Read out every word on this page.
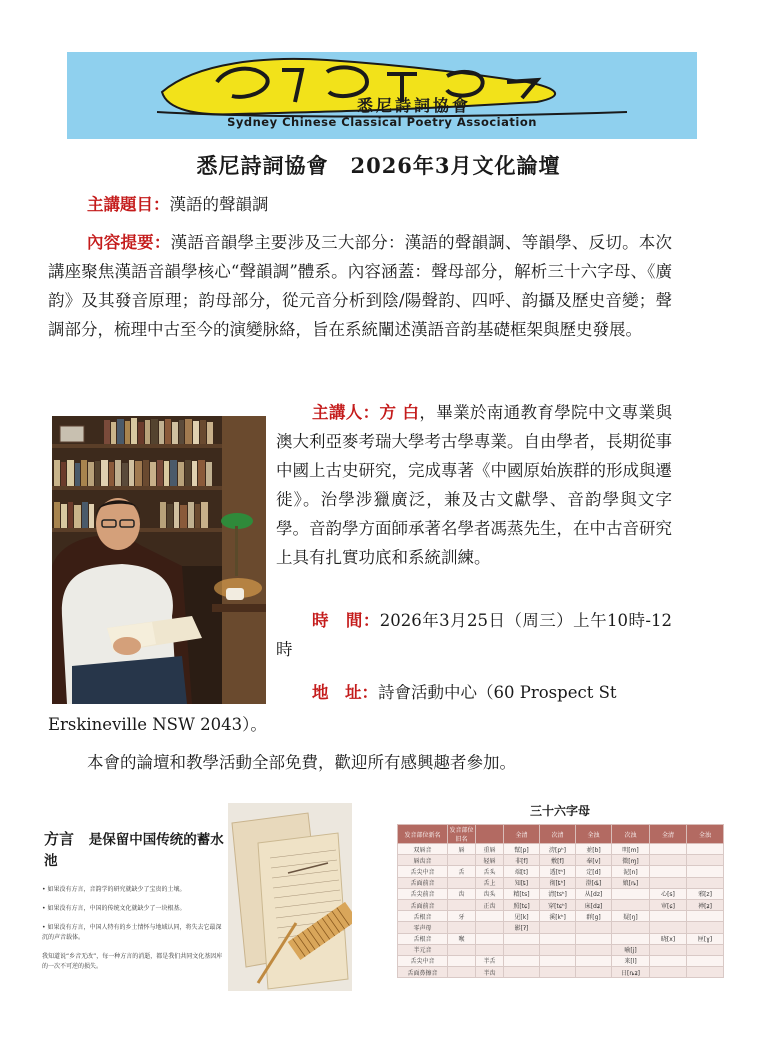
悉尼詩詞協會
Sydney Chinese Classical Poetry Association
悉尼詩詞協會　2026年3月文化論壇
主講題目：漢語的聲韻調
內容提要：漢語音韻學主要涉及三大部分：漢語的聲韻調、等韻學、反切。本次講座聚焦漢語音韻學核心“聲韻調”體系。內容涵蓋：聲母部分，解析三十六字母、《廣韵》及其發音原理；韵母部分，從元音分析到陰/陽聲韵、四呼、韵攝及歷史音變；聲調部分，梳理中古至今的演變脉絡，旨在系統闡述漢語音韵基礎框架與歷史發展。
主講人：方 白，畢業於南通教育學院中文專業與澳大利亞麥考瑞大學考古學專業。自由學者，長期從事中國上古史研究，完成專著《中國原始族群的形成與遷徙》。治學涉獵廣泛，兼及古文獻學、音韵學與文字學。音韵學方面師承著名學者馮蒸先生，在中古音研究上具有扎實功底和系統訓練。
時　間：2026年3月25日（周三）上午10時-12時
地　址：詩會活動中心（60 Prospect St
Erskineville NSW 2043）。
本會的論壇和教學活動全部免費，歡迎所有感興趣者參加。
方言 是保留中国传统的蓄水池
• 如果没有方言，音韵学的研究就缺少了宝贵的土壤。
• 如果没有方言，中国的传统文化就缺少了一块根基。
• 如果没有方言，中国人特有的乡土情怀与地域认同，将失去它最深沉的声音载体。
我知道说“乡音无改”，每一种方言的消逝，都是我们共同文化基因库的一次不可逆的损失。
三十六字母
发音部位新名	发音部位旧名		全清	次清	全浊	次浊	全清	全浊
双唇音	唇	重唇	幫[p]	滂[pʰ]	並[b]	明[m]		
唇齿音		轻唇	非[f]	敷[f]	奉[v]	微[ɱ]		
舌尖中音	舌	舌头	端[t]	透[tʰ]	定[d]	泥[n]		
舌面前音		舌上	知[ȶ]	彻[ȶʰ]	澄[ȡ]	娘[ȵ]		
舌尖前音	齿	齿头	精[ts]	清[tsʰ]	从[dz]		心[s]	邪[z]
舌面前音		正齿	照[tɕ]	穿[tɕʰ]	床[dʑ]		审[ɕ]	禅[ʑ]
舌根音	牙		见[k]	溪[kʰ]	群[g]	疑[ŋ]		
零声母			影[ʔ]					
舌根音	喉						晓[x]	匣[ɣ]
半元音						喻[j]		
舌尖中音		半舌				来[l]		
舌面鼻擦音		半齿				日[ȵʑ]		
